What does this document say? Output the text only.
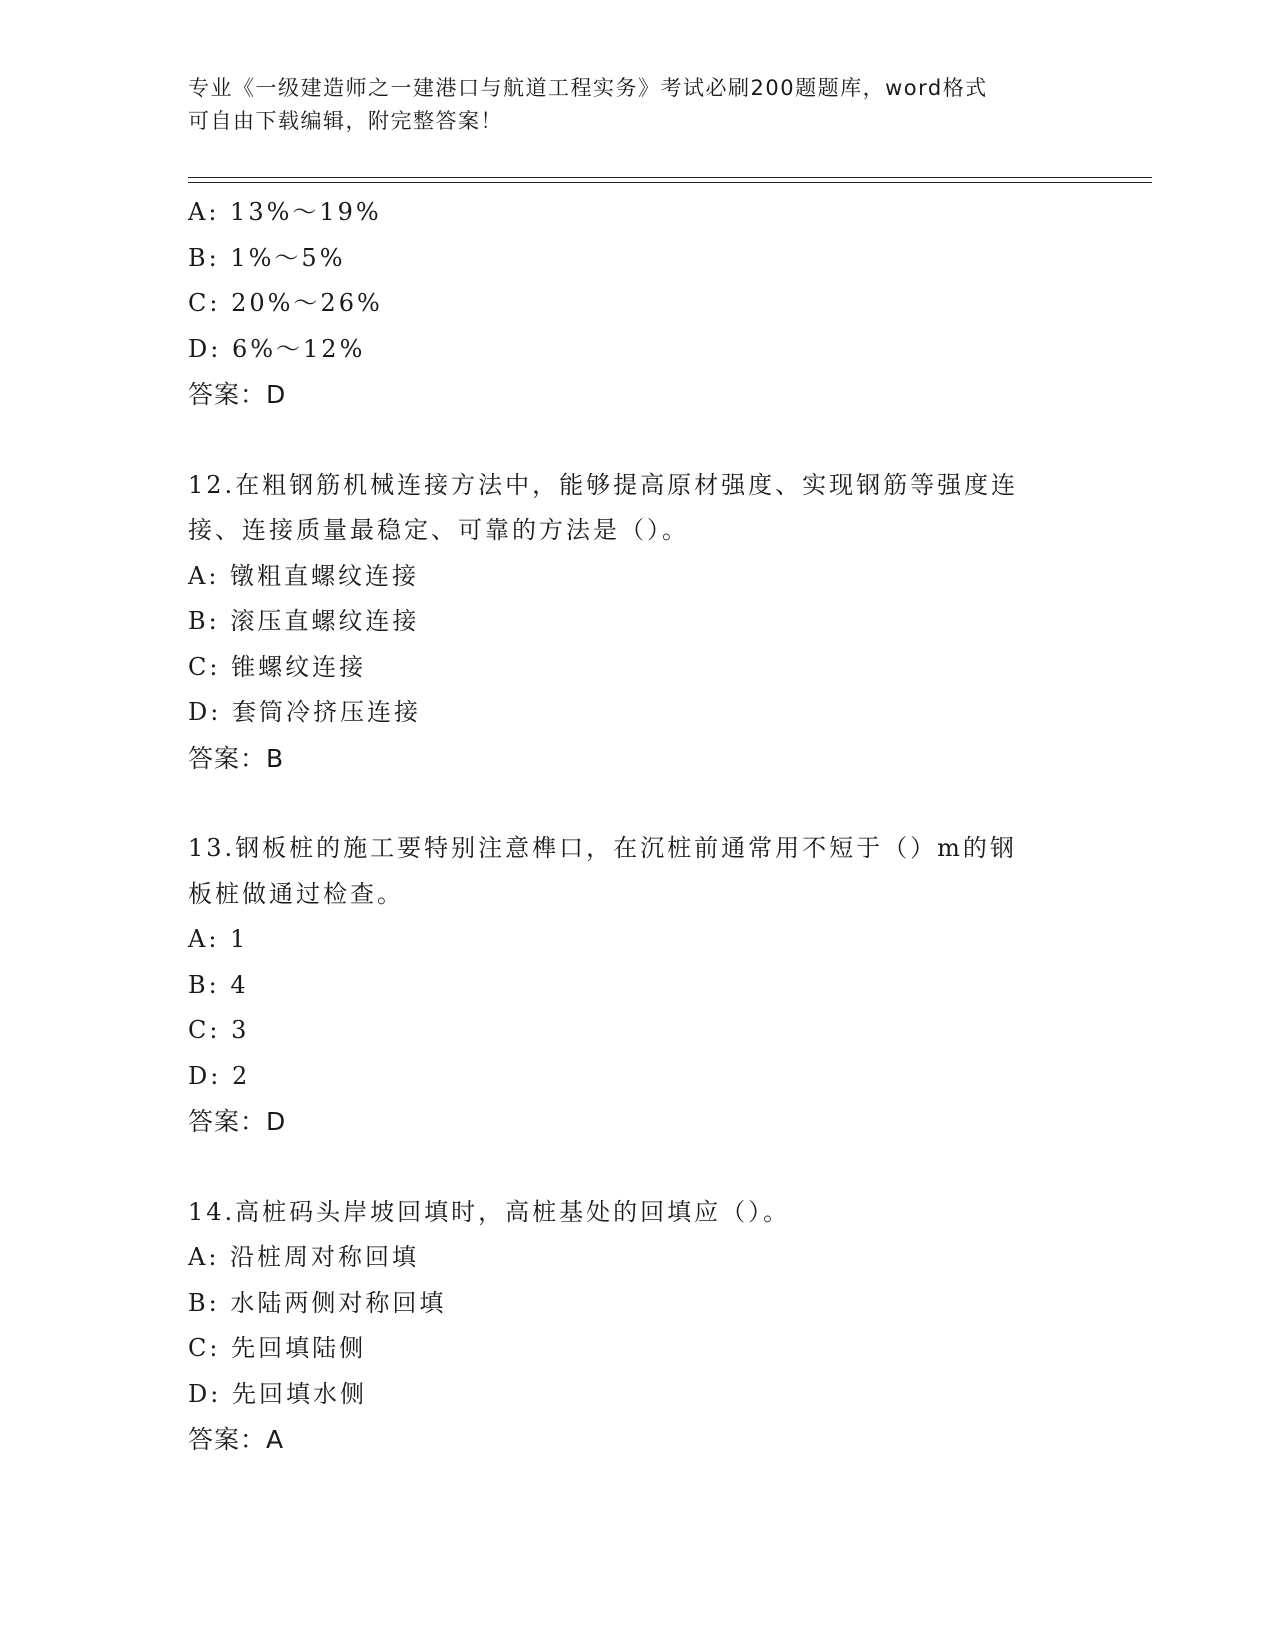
专业《一级建造师之一建港口与航道工程实务》考试必刷200题题库，word格式
可自由下载编辑，附完整答案！
A: 13%～19%
B: 1%～5%
C: 20%～26%
D: 6%～12%
答案：D
12.在粗钢筋机械连接方法中，能够提高原材强度、实现钢筋等强度连
接、连接质量最稳定、可靠的方法是（）。
A: 镦粗直螺纹连接
B: 滚压直螺纹连接
C: 锥螺纹连接
D: 套筒冷挤压连接
答案：B
13.钢板桩的施工要特别注意榫口，在沉桩前通常用不短于（）m的钢
板桩做通过检查。
A: 1
B: 4
C: 3
D: 2
答案：D
14.高桩码头岸坡回填时，高桩基处的回填应（）。
A: 沿桩周对称回填
B: 水陆两侧对称回填
C: 先回填陆侧
D: 先回填水侧
答案：A
